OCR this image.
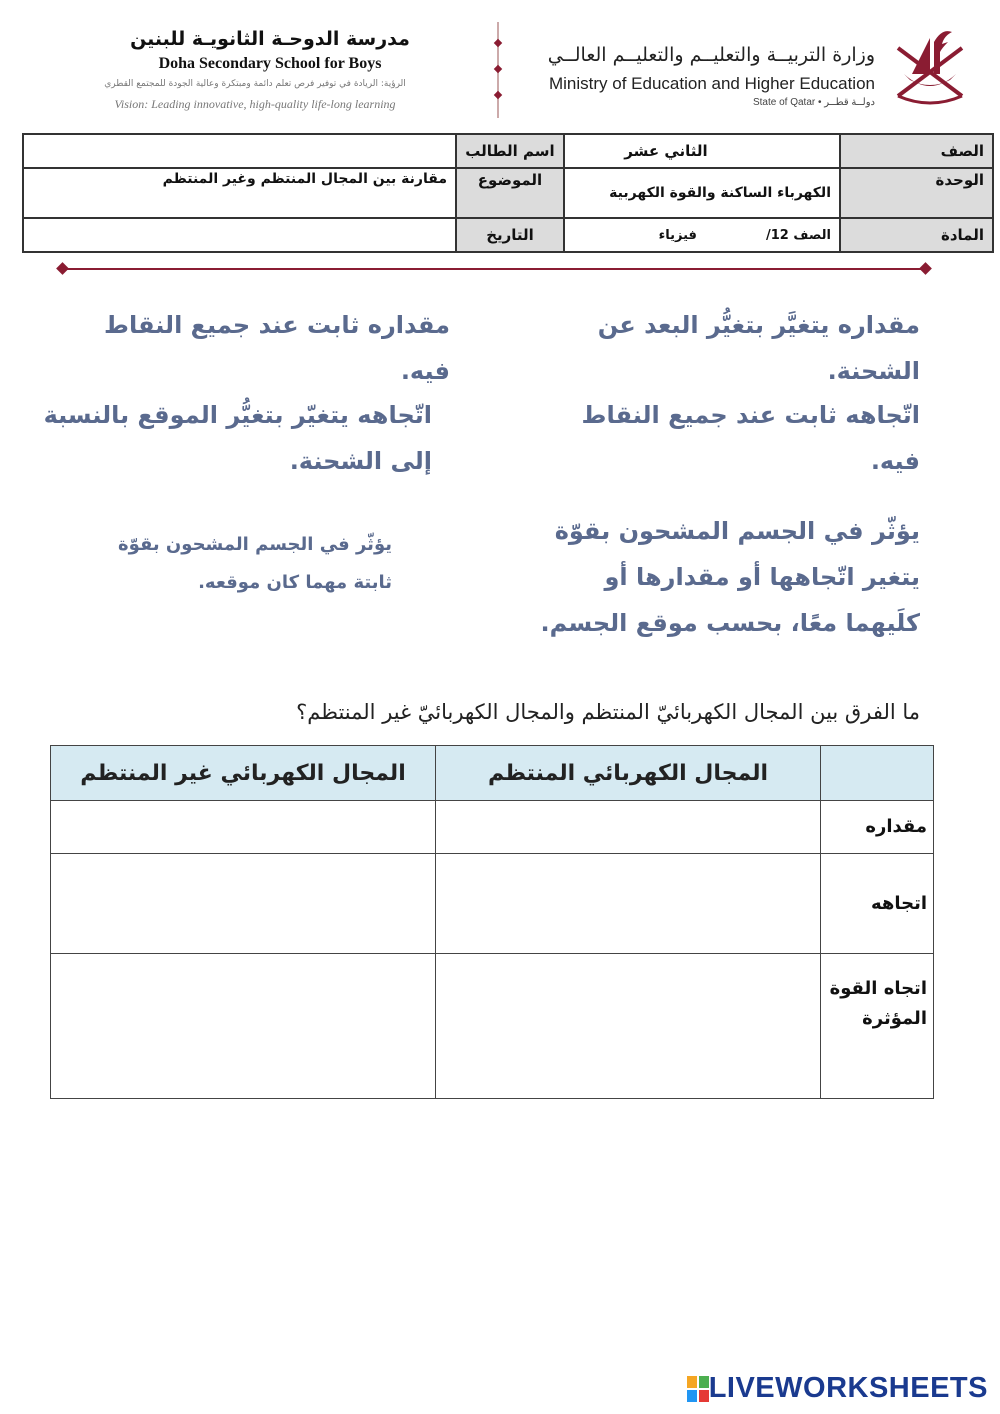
مدرسة الدوحـة الثانويـة للبنين
Doha Secondary School for Boys
الرؤية: الريادة في توفير فرص تعلم دائمة ومبتكرة وعالية الجودة للمجتمع القطري
Vision: Leading innovative, high-quality life-long learning
وزارة التربيــة والتعليــم والتعليــم العالــي
Ministry of Education and Higher Education
State of Qatar • دولــة قطــر
الصف	الثاني عشر	اسم الطالب	
الوحدة	الكهرباء الساكنة والقوة الكهربية	الموضوع	مقارنة بين المجال المنتظم وغير المنتظم
المادة	الصف 12/  فيزياء	التاريخ	
مقداره يتغيَّر بتغيُّر البعد عن الشحنة.
مقداره ثابت عند جميع النقاط فيه.
اتّجاهه ثابت عند جميع النقاط فيه.
اتّجاهه يتغيّر بتغيُّر الموقع بالنسبة إلى الشحنة.
يؤثّر في الجسم المشحون بقوّة يتغير اتّجاهها أو مقدارها أو كلَيهما معًا، بحسب موقع الجسم.
يؤثّر في الجسم المشحون بقوّة ثابتة مهما كان موقعه.
ما الفرق بين المجال الكهربائيّ المنتظم والمجال الكهربائيّ غير المنتظم؟
	المجال الكهربائي المنتظم	المجال الكهربائي غير المنتظم
مقداره		
اتجاهه		
اتجاه القوة المؤثرة		
LIVEWORKSHEETS
